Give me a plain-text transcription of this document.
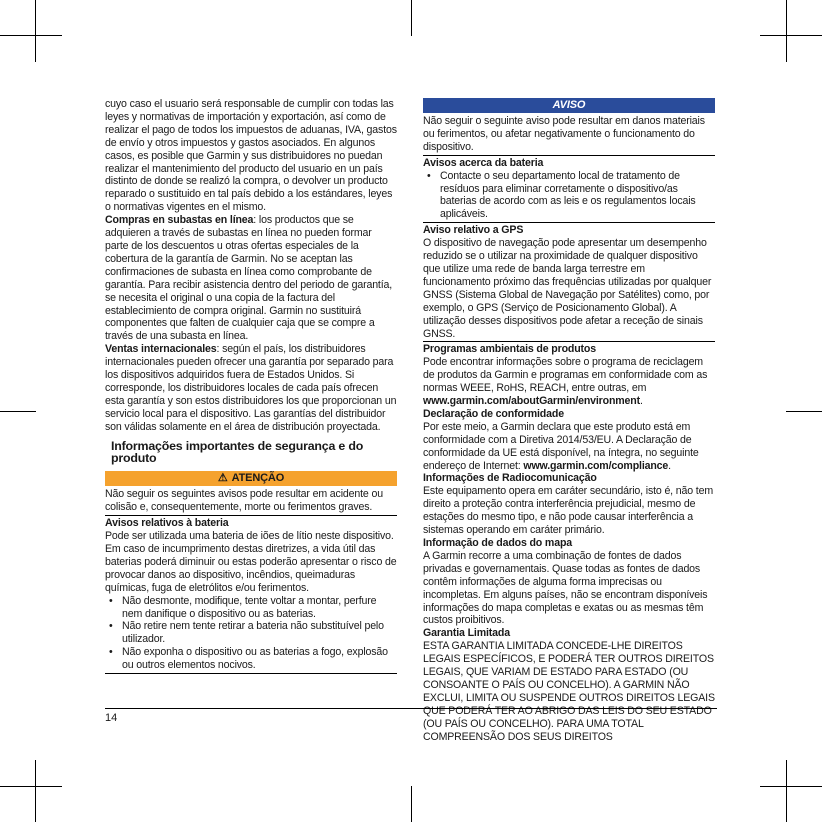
cuyo caso el usuario será responsable de cumplir con todas las leyes y normativas de importación y exportación, así como de realizar el pago de todos los impuestos de aduanas, IVA, gastos de envío y otros impuestos y gastos asociados. En algunos casos, es posible que Garmin y sus distribuidores no puedan realizar el mantenimiento del producto del usuario en un país distinto de donde se realizó la compra, o devolver un producto reparado o sustituido en tal país debido a los estándares, leyes o normativas vigentes en el mismo.

Compras en subastas en línea: los productos que se adquieren a través de subastas en línea no pueden formar parte de los descuentos u otras ofertas especiales de la cobertura de la garantía de Garmin. No se aceptan las confirmaciones de subasta en línea como comprobante de garantía. Para recibir asistencia dentro del periodo de garantía, se necesita el original o una copia de la factura del establecimiento de compra original. Garmin no sustituirá componentes que falten de cualquier caja que se compre a través de una subasta en línea.

Ventas internacionales: según el país, los distribuidores internacionales pueden ofrecer una garantía por separado para los dispositivos adquiridos fuera de Estados Unidos. Si corresponde, los distribuidores locales de cada país ofrecen esta garantía y son estos distribuidores los que proporcionan un servicio local para el dispositivo. Las garantías del distribuidor son válidas solamente en el área de distribución proyectada.

Informações importantes de segurança e do produto
⚠ ATENÇÃO

Não seguir os seguintes avisos pode resultar em acidente ou colisão e, consequentemente, morte ou ferimentos graves.

Avisos relativos à bateria

Pode ser utilizada uma bateria de iões de lítio neste dispositivo. Em caso de incumprimento destas diretrizes, a vida útil das baterias poderá diminuir ou estas poderão apresentar o risco de provocar danos ao dispositivo, incêndios, queimaduras químicas, fuga de eletrólitos e/ou ferimentos.

• Não desmonte, modifique, tente voltar a montar, perfure nem danifique o dispositivo ou as baterias.
• Não retire nem tente retirar a bateria não substituível pelo utilizador.
• Não exponha o dispositivo ou as baterias a fogo, explosão ou outros elementos nocivos.
AVISO

Não seguir o seguinte aviso pode resultar em danos materiais ou ferimentos, ou afetar negativamente o funcionamento do dispositivo.

Avisos acerca da bateria
• Contacte o seu departamento local de tratamento de resíduos para eliminar corretamente o dispositivo/as baterias de acordo com as leis e os regulamentos locais aplicáveis.
Aviso relativo a GPS

O dispositivo de navegação pode apresentar um desempenho reduzido se o utilizar na proximidade de qualquer dispositivo que utilize uma rede de banda larga terrestre em funcionamento próximo das frequências utilizadas por qualquer GNSS (Sistema Global de Navegação por Satélites) como, por exemplo, o GPS (Serviço de Posicionamento Global). A utilização desses dispositivos pode afetar a receção de sinais GNSS.

Programas ambientais de produtos

Pode encontrar informações sobre o programa de reciclagem de produtos da Garmin e programas em conformidade com as normas WEEE, RoHS, REACH, entre outras, em www.garmin.com/aboutGarmin/environment.

Declaração de conformidade

Por este meio, a Garmin declara que este produto está em conformidade com a Diretiva 2014/53/EU. A Declaração de conformidade da UE está disponível, na íntegra, no seguinte endereço de Internet: www.garmin.com/compliance.

Informações de Radiocomunicação

Este equipamento opera em caráter secundário, isto é, não tem direito a proteção contra interferência prejudicial, mesmo de estações do mesmo tipo, e não pode causar interferência a sistemas operando em caráter primário.

Informação de dados do mapa

A Garmin recorre a uma combinação de fontes de dados privadas e governamentais. Quase todas as fontes de dados contêm informações de alguma forma imprecisas ou incompletas. Em alguns países, não se encontram disponíveis informações do mapa completas e exatas ou as mesmas têm custos proibitivos.

Garantia Limitada

ESTA GARANTIA LIMITADA CONCEDE-LHE DIREITOS LEGAIS ESPECÍFICOS, E PODERÁ TER OUTROS DIREITOS LEGAIS, QUE VARIAM DE ESTADO PARA ESTADO (OU CONSOANTE O PAÍS OU CONCELHO). A GARMIN NÃO EXCLUI, LIMITA OU SUSPENDE OUTROS DIREITOS LEGAIS QUE PODERÁ TER AO ABRIGO DAS LEIS DO SEU ESTADO (OU PAÍS OU CONCELHO). PARA UMA TOTAL COMPREENSÃO DOS SEUS DIREITOS

14
